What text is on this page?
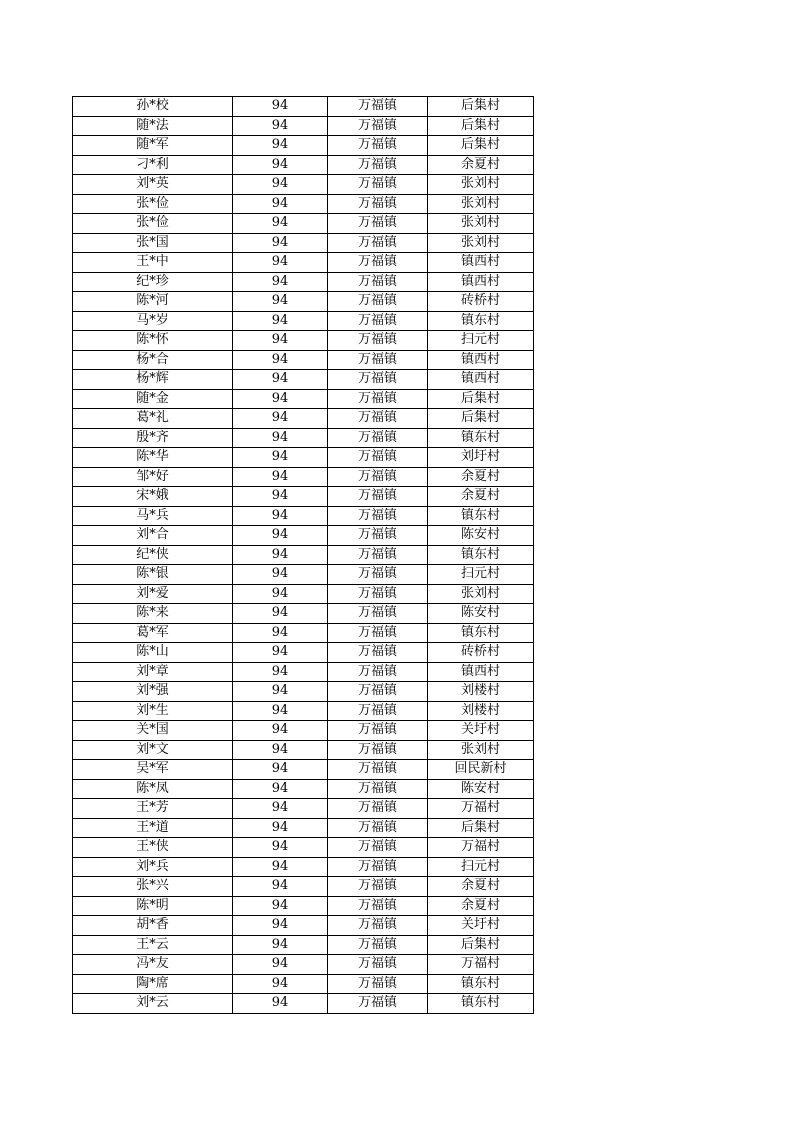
孙*校	94	万福镇	后集村
随*法	94	万福镇	后集村
随*军	94	万福镇	后集村
刁*利	94	万福镇	余夏村
刘*英	94	万福镇	张刘村
张*俭	94	万福镇	张刘村
张*俭	94	万福镇	张刘村
张*国	94	万福镇	张刘村
王*中	94	万福镇	镇西村
纪*珍	94	万福镇	镇西村
陈*河	94	万福镇	砖桥村
马*岁	94	万福镇	镇东村
陈*怀	94	万福镇	扫元村
杨*合	94	万福镇	镇西村
杨*辉	94	万福镇	镇西村
随*金	94	万福镇	后集村
葛*礼	94	万福镇	后集村
殷*齐	94	万福镇	镇东村
陈*华	94	万福镇	刘圩村
邹*好	94	万福镇	余夏村
宋*娥	94	万福镇	余夏村
马*兵	94	万福镇	镇东村
刘*合	94	万福镇	陈安村
纪*侠	94	万福镇	镇东村
陈*银	94	万福镇	扫元村
刘*爱	94	万福镇	张刘村
陈*来	94	万福镇	陈安村
葛*军	94	万福镇	镇东村
陈*山	94	万福镇	砖桥村
刘*章	94	万福镇	镇西村
刘*强	94	万福镇	刘楼村
刘*生	94	万福镇	刘楼村
关*国	94	万福镇	关圩村
刘*文	94	万福镇	张刘村
吴*军	94	万福镇	回民新村
陈*凤	94	万福镇	陈安村
王*芳	94	万福镇	万福村
王*道	94	万福镇	后集村
王*侠	94	万福镇	万福村
刘*兵	94	万福镇	扫元村
张*兴	94	万福镇	余夏村
陈*明	94	万福镇	余夏村
胡*香	94	万福镇	关圩村
王*云	94	万福镇	后集村
冯*友	94	万福镇	万福村
陶*席	94	万福镇	镇东村
刘*云	94	万福镇	镇东村
